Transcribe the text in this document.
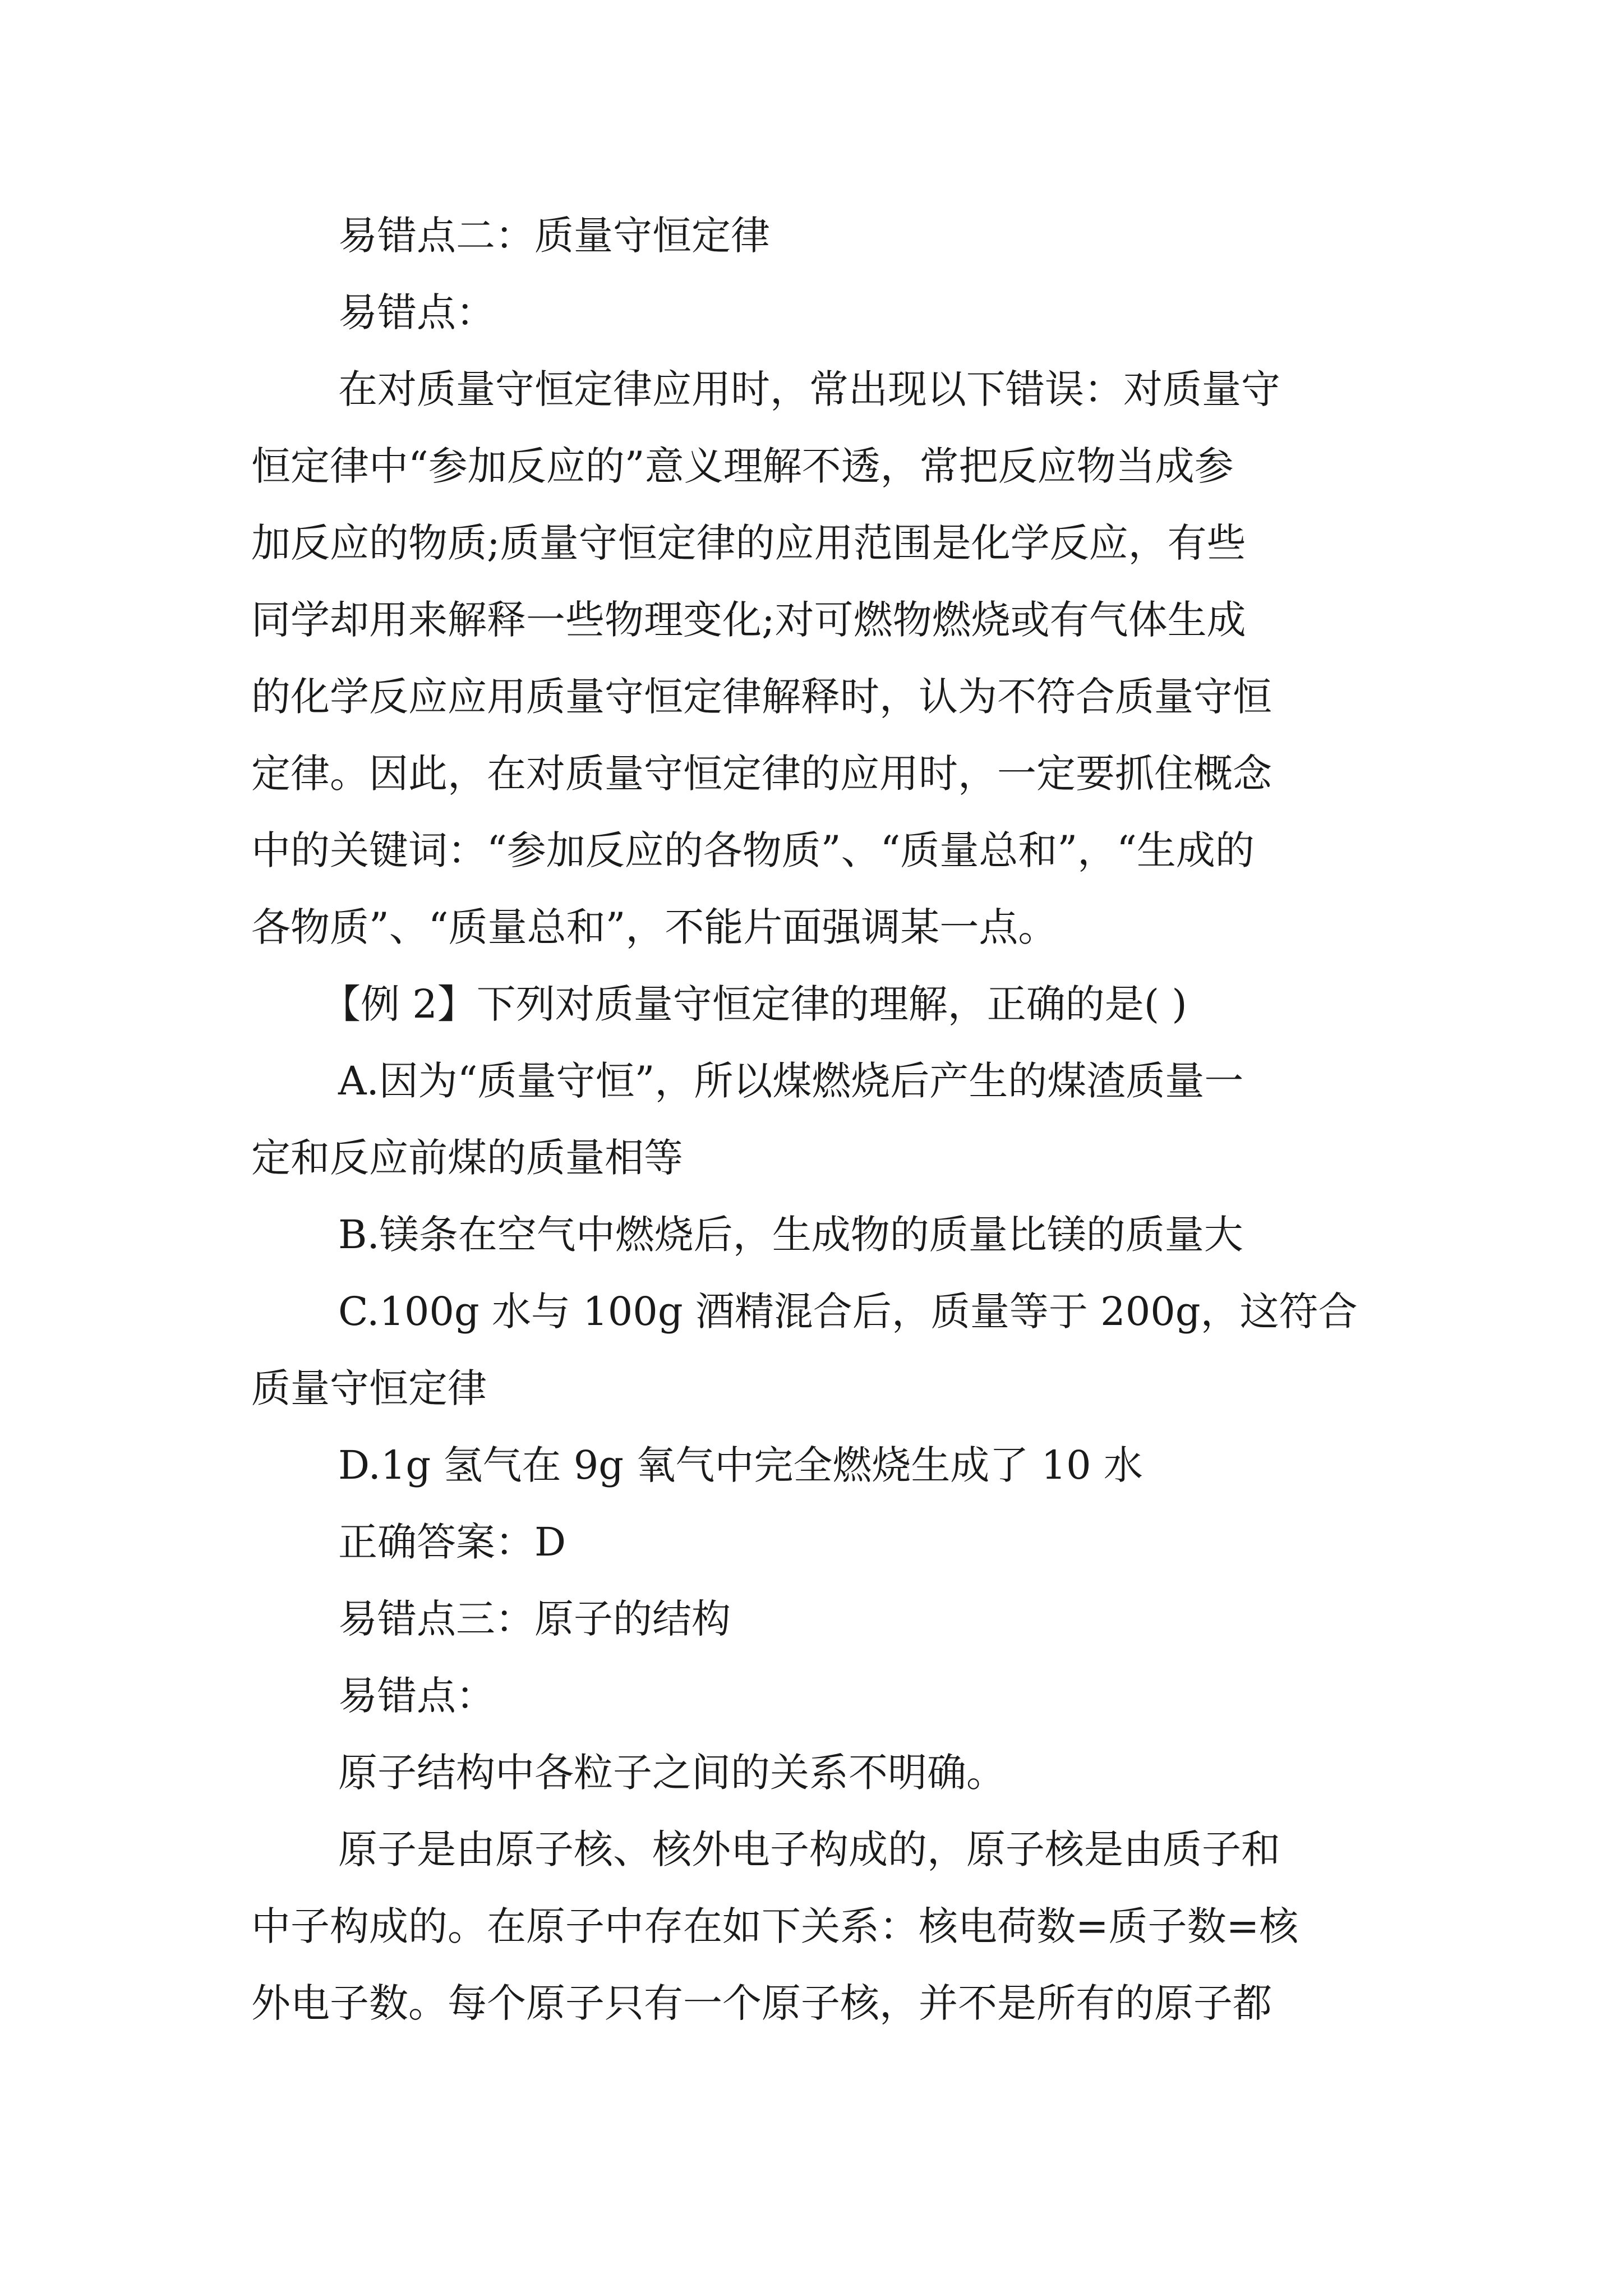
易错点二：质量守恒定律

易错点：

在对质量守恒定律应用时，常出现以下错误：对质量守

恒定律中“参加反应的”意义理解不透，常把反应物当成参

加反应的物质;质量守恒定律的应用范围是化学反应，有些

同学却用来解释一些物理变化;对可燃物燃烧或有气体生成

的化学反应应用质量守恒定律解释时，认为不符合质量守恒

定律。因此，在对质量守恒定律的应用时，一定要抓住概念

中的关键词：“参加反应的各物质”、“质量总和”，“生成的

各物质”、“质量总和”，不能片面强调某一点。

【例 2】下列对质量守恒定律的理解，正确的是( )

A.因为“质量守恒”，所以煤燃烧后产生的煤渣质量一

定和反应前煤的质量相等

B.镁条在空气中燃烧后，生成物的质量比镁的质量大

C.100g 水与 100g 酒精混合后，质量等于 200g，这符合

质量守恒定律

D.1g 氢气在 9g 氧气中完全燃烧生成了 10 水

正确答案：D

易错点三：原子的结构

易错点：

原子结构中各粒子之间的关系不明确。

原子是由原子核、核外电子构成的，原子核是由质子和

中子构成的。在原子中存在如下关系：核电荷数=质子数=核

外电子数。每个原子只有一个原子核，并不是所有的原子都
